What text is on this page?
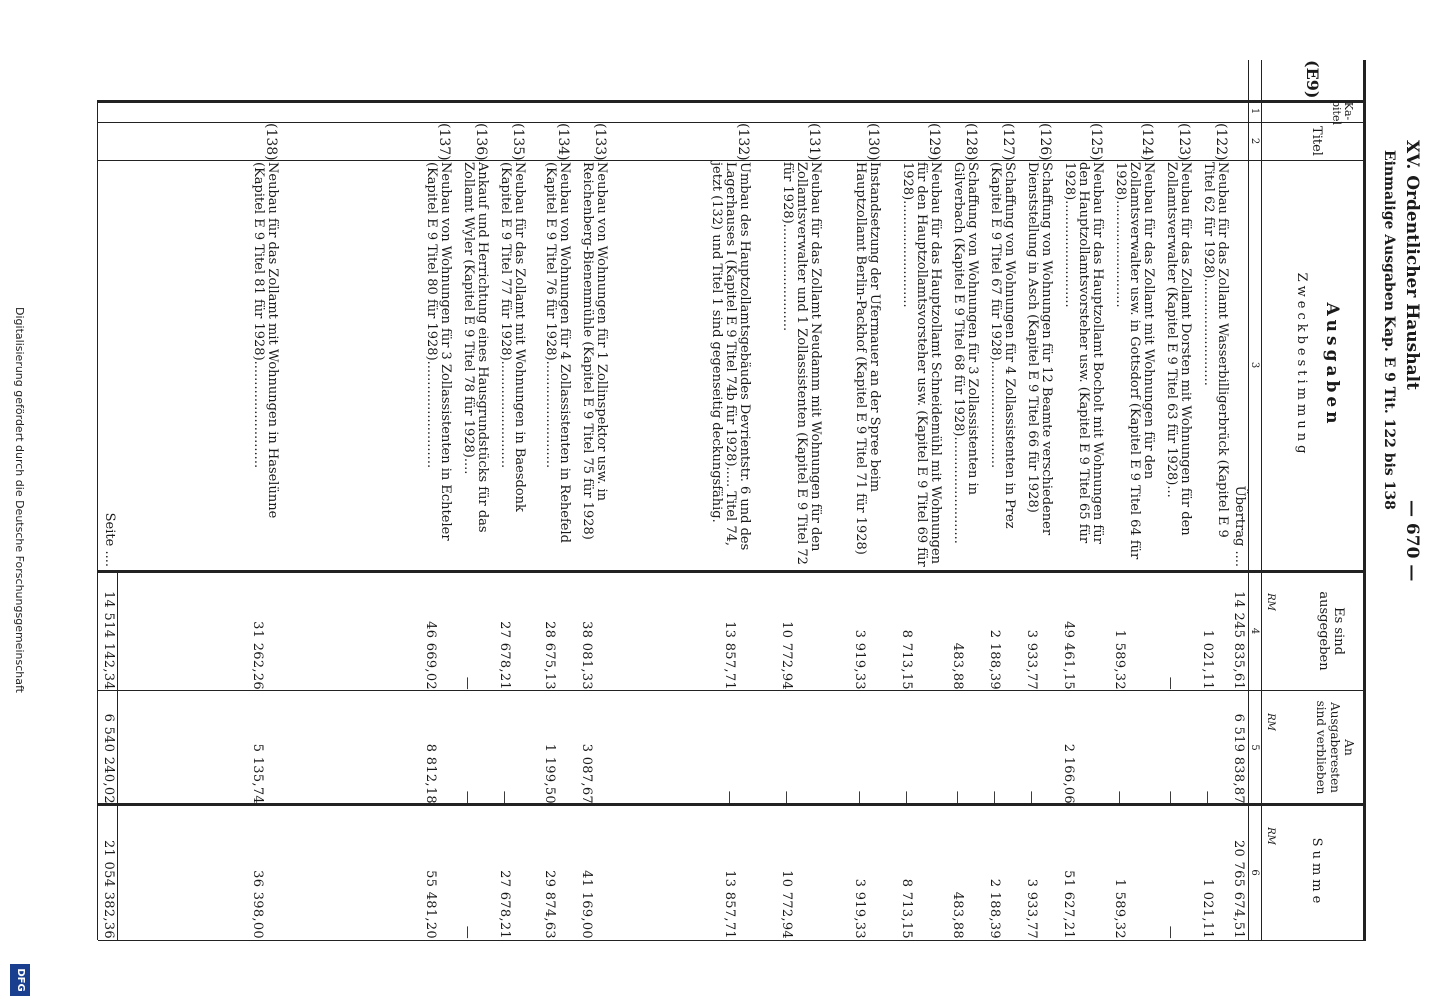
XV. Ordentlicher Haushalt
— 670 —
Einmalige Ausgaben Kap. E 9 Tit. 122 bis 138
Ka-pitel
Titel
Ausgaben
Zweckbestimmung
Es sind ausgegeben
An Ausgaberesten sind verblieben
Summe
RM
RM
RM
1
2
3
4
5
6
(E9)
Übertrag ....
14 245 835,61
6 519 838,87
20 765 674,51
(122)
Neubau für das Zollamt Wasserbilligerbrück (Kapitel E 9 Titel 62 für 1928)..........................
1 021,11
—
1 021,11
(123)
Neubau für das Zollamt Dorsten mit Wohnungen für den Zollamtsverwalter (Kapitel E 9 Titel 63 für 1928)...
—
—
—
(124)
Neubau für das Zollamt mit Wohnungen für den Zollamtsverwalter usw. in Gottsdorf (Kapitel E 9 Titel 64 für 1928)..........................
1 589,32
—
1 589,32
(125)
Neubau für das Hauptzollamt Bocholt mit Wohnungen für den Hauptzollamtsvorsteher usw. (Kapitel E 9 Titel 65 für 1928)..........................
49 461,15
2 166,06
51 627,21
(126)
Schaffung von Wohnungen für 12 Beamte verschiedener Dienststellung in Asch (Kapitel E 9 Titel 66 für 1928)
3 933,77
—
3 933,77
(127)
Schaffung von Wohnungen für 4 Zollassistenten in Prez (Kapitel E 9 Titel 67 für 1928)..........................
2 188,39
—
2 188,39
(128)
Schaffung von Wohnungen für 3 Zollassistenten in Gilverbach (Kapitel E 9 Titel 68 für 1928)..........................
483,88
—
483,88
(129)
Neubau für das Hauptzollamt Schneidemühl mit Wohnungen für den Hauptzollamtsvorsteher usw. (Kapitel E 9 Titel 69 für 1928)..........................
8 713,15
—
8 713,15
(130)
Instandsetzung der Ufermauer an der Spree beim Hauptzollamt Berlin-Packhof (Kapitel E 9 Titel 71 für 1928)
3 919,33
—
3 919,33
(131)
Neubau für das Zollamt Neudamm mit Wohnungen für den Zollamtsverwalter und 1 Zollassistenten (Kapitel E 9 Titel 72 für 1928)..........................
10 772,94
—
10 772,94
(132)
Umbau des Hauptzollamtsgebäudes Devrientstr. 6 und des Lagerhauses I (Kapitel E 9 Titel 74b für 1928)..... Titel 74, jetzt (132) und Titel 1 sind gegenseitig deckungsfähig.
13 857,71
—
13 857,71
(133)
Neubau von Wohnungen für 1 Zollinspektor usw. in Reichenberg-Bienenmühle (Kapitel E 9 Titel 75 für 1928)
38 081,33
3 087,67
41 169,00
(134)
Neubau von Wohnungen für 4 Zollassistenten in Rehefeld (Kapitel E 9 Titel 76 für 1928)..........................
28 675,13
1 199,50
29 874,63
(135)
Neubau für das Zollamt mit Wohnungen in Baesdonk (Kapitel E 9 Titel 77 für 1928)..........................
27 678,21
—
27 678,21
(136)
Ankauf und Herrichtung eines Hausgrundstücks für das Zollamt Wyler (Kapitel E 9 Titel 78 für 1928)....
—
—
—
(137)
Neubau von Wohnungen für 3 Zollassistenten in Echteler (Kapitel E 9 Titel 80 für 1928)..........................
46 669,02
8 812,18
55 481,20
(138)
Neubau für das Zollamt mit Wohnungen in Haselünne (Kapitel E 9 Titel 81 für 1928)..........................
31 262,26
5 135,74
36 398,00
Seite ....
14 514 142,34
6 540 240,02
21 054 382,36
Digitalisierung gefördert durch die Deutsche Forschungsgemeinschaft
DFG
